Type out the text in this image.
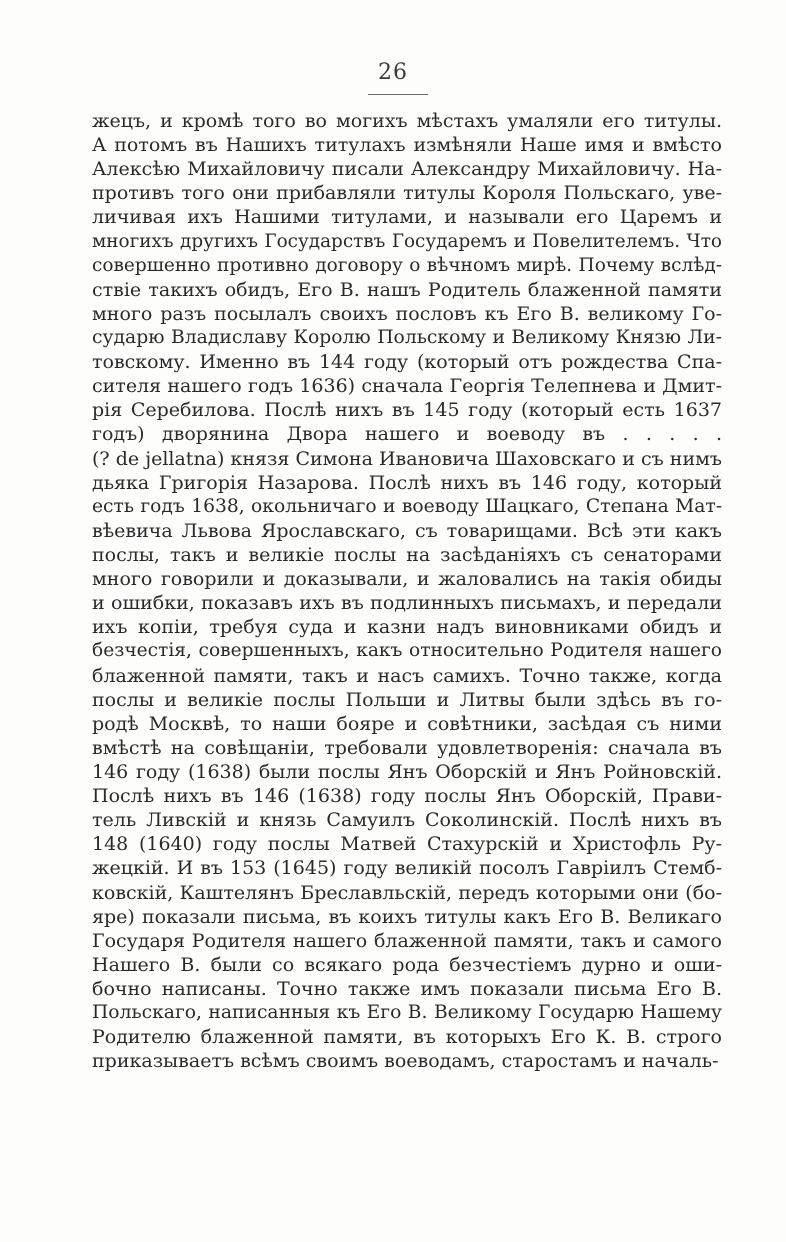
26
жецъ, и кромѣ того во могихъ мѣстахъ умаляли его титулы.
А потомъ въ Нашихъ титулахъ измѣняли Наше имя и вмѣсто
Алексѣю Михайловичу писали Александру Михайловичу. На-
противъ того они прибавляли титулы Короля Польскаго, уве-
личивая ихъ Нашими титулами, и называли его Царемъ и
многихъ другихъ Государствъ Государемъ и Повелителемъ. Что
совершенно противно договору о вѣчномъ мирѣ. Почему вслѣд-
ствіе такихъ обидъ, Его В. нашъ Родитель блаженной памяти
много разъ посылалъ своихъ пословъ къ Его В. великому Го-
сударю Владиславу Королю Польскому и Великому Князю Ли-
товскому. Именно въ 144 году (который отъ рождества Спа-
сителя нашего годъ 1636) сначала Георгія Телепнева и Дмит-
рія Серебилова. Послѣ нихъ въ 145 году (который есть 1637
годъ) дворянина Двора нашего и воеводу въ . . . . .
(? de jellatna) князя Симона Ивановича Шаховскаго и съ нимъ
дьяка Григорія Назарова. Послѣ нихъ въ 146 году, который
есть годъ 1638, окольничаго и воеводу Шацкаго, Степана Мат-
вѣевича Львова Ярославскаго, съ товарищами. Всѣ эти какъ
послы, такъ и великіе послы на засѣданіяхъ съ сенаторами
много говорили и доказывали, и жаловались на такія обиды
и ошибки, показавъ ихъ въ подлинныхъ письмахъ, и передали
ихъ копіи, требуя суда и казни надъ виновниками обидъ и
безчестія, совершенныхъ, какъ относительно Родителя нашего
блаженной памяти, такъ и насъ самихъ. Точно также, когда
послы и великіе послы Польши и Литвы были здѣсь въ го-
родѣ Москвѣ, то наши бояре и совѣтники, засѣдая съ ними
вмѣстѣ на совѣщаніи, требовали удовлетворенія: сначала въ
146 году (1638) были послы Янъ Оборскій и Янъ Ройновскій.
Послѣ нихъ въ 146 (1638) году послы Янъ Оборскій, Прави-
тель Ливскій и князь Самуилъ Соколинскій. Послѣ нихъ въ
148 (1640) году послы Матвей Стахурскій и Христофль Ру-
жецкій. И въ 153 (1645) году великій посолъ Гавріилъ Стемб-
ковскій, Каштелянъ Бреславльскій, передъ которыми они (бо-
яре) показали письма, въ коихъ титулы какъ Его В. Великаго
Государя Родителя нашего блаженной памяти, такъ и самого
Нашего В. были со всякаго рода безчестіемъ дурно и оши-
бочно написаны. Точно также имъ показали письма Его В.
Польскаго, написанныя къ Его В. Великому Государю Нашему
Родителю блаженной памяти, въ которыхъ Его К. В. строго
приказываетъ всѣмъ своимъ воеводамъ, старостамъ и началь-
